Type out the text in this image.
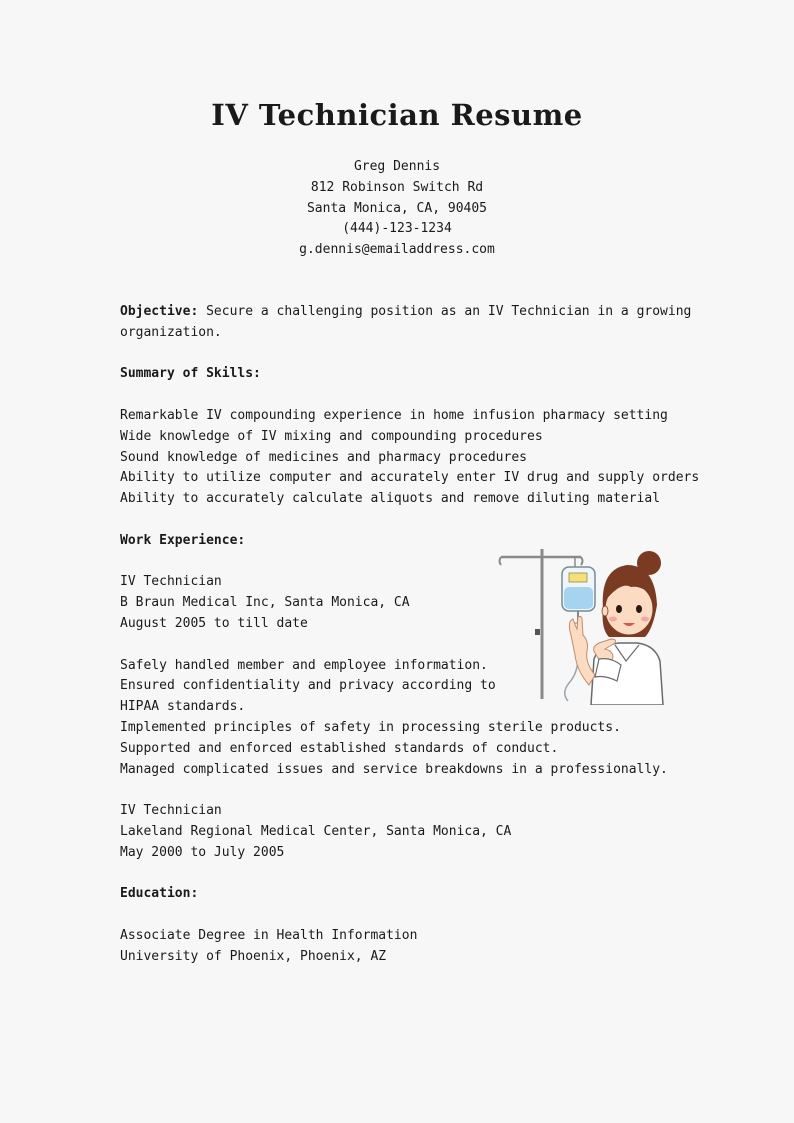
IV Technician Resume
Greg Dennis
812 Robinson Switch Rd
Santa Monica, CA, 90405
(444)-123-1234
g.dennis@emailaddress.com
Objective: Secure a challenging position as an IV Technician in a growing
organization.
Summary of Skills:
Remarkable IV compounding experience in home infusion pharmacy setting
Wide knowledge of IV mixing and compounding procedures
Sound knowledge of medicines and pharmacy procedures
Ability to utilize computer and accurately enter IV drug and supply orders
Ability to accurately calculate aliquots and remove diluting material
Work Experience:
IV Technician
B Braun Medical Inc, Santa Monica, CA
August 2005 to till date
Safely handled member and employee information.
Ensured confidentiality and privacy according to
HIPAA standards.
Implemented principles of safety in processing sterile products.
Supported and enforced established standards of conduct.
Managed complicated issues and service breakdowns in a professionally.
IV Technician
Lakeland Regional Medical Center, Santa Monica, CA
May 2000 to July 2005
Education:
Associate Degree in Health Information
University of Phoenix, Phoenix, AZ
